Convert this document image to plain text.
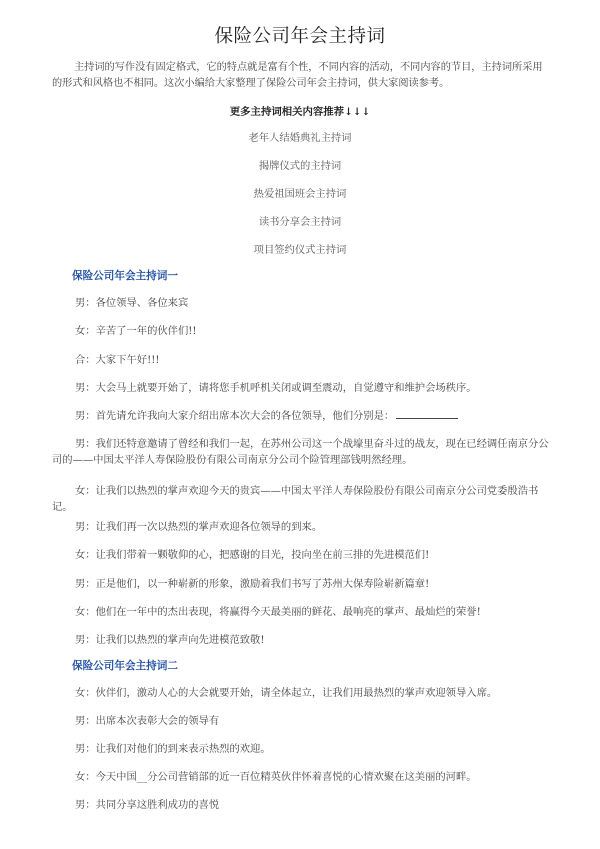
保险公司年会主持词

主持词的写作没有固定格式，它的特点就是富有个性，不同内容的活动，不同内容的节目，主持词所采用的形式和风格也不相同。这次小编给大家整理了保险公司年会主持词，供大家阅读参考。

更多主持词相关内容推荐↓↓↓
老年人结婚典礼主持词
揭牌仪式的主持词
热爱祖国班会主持词
读书分享会主持词
项目签约仪式主持词
保险公司年会主持词一

男：各位领导、各位来宾

女：辛苦了一年的伙伴们!!

合：大家下午好!!!

男：大会马上就要开始了，请将您手机呼机关闭或调至震动，自觉遵守和维护会场秩序。

男：首先请允许我向大家介绍出席本次大会的各位领导，他们分别是：

男：我们还特意邀请了曾经和我们一起，在苏州公司这一个战壕里奋斗过的战友，现在已经调任南京分公司的——中国太平洋人寿保险股份有限公司南京分公司个险管理部钱明然经理。

女：让我们以热烈的掌声欢迎今天的贵宾——中国太平洋人寿保险股份有限公司南京分公司党委殷浩书记。

男：让我们再一次以热烈的掌声欢迎各位领导的到来。

女：让我们带着一颗敬仰的心，把感谢的目光，投向坐在前三排的先进模范们!

男：正是他们，以一种崭新的形象，激励着我们书写了苏州大保寿险崭新篇章!

女：他们在一年中的杰出表现，将赢得今天最美丽的鲜花、最响亮的掌声、最灿烂的荣誉!

男：让我们以热烈的掌声向先进模范致敬!

保险公司年会主持词二

女：伙伴们，激动人心的大会就要开始，请全体起立，让我们用最热烈的掌声欢迎领导入席。

男：出席本次表彰大会的领导有

男：让我们对他们的到来表示热烈的欢迎。

女：今天中国__分公司营销部的近一百位精英伙伴怀着喜悦的心情欢聚在这美丽的河畔。

男：共同分享这胜利成功的喜悦
